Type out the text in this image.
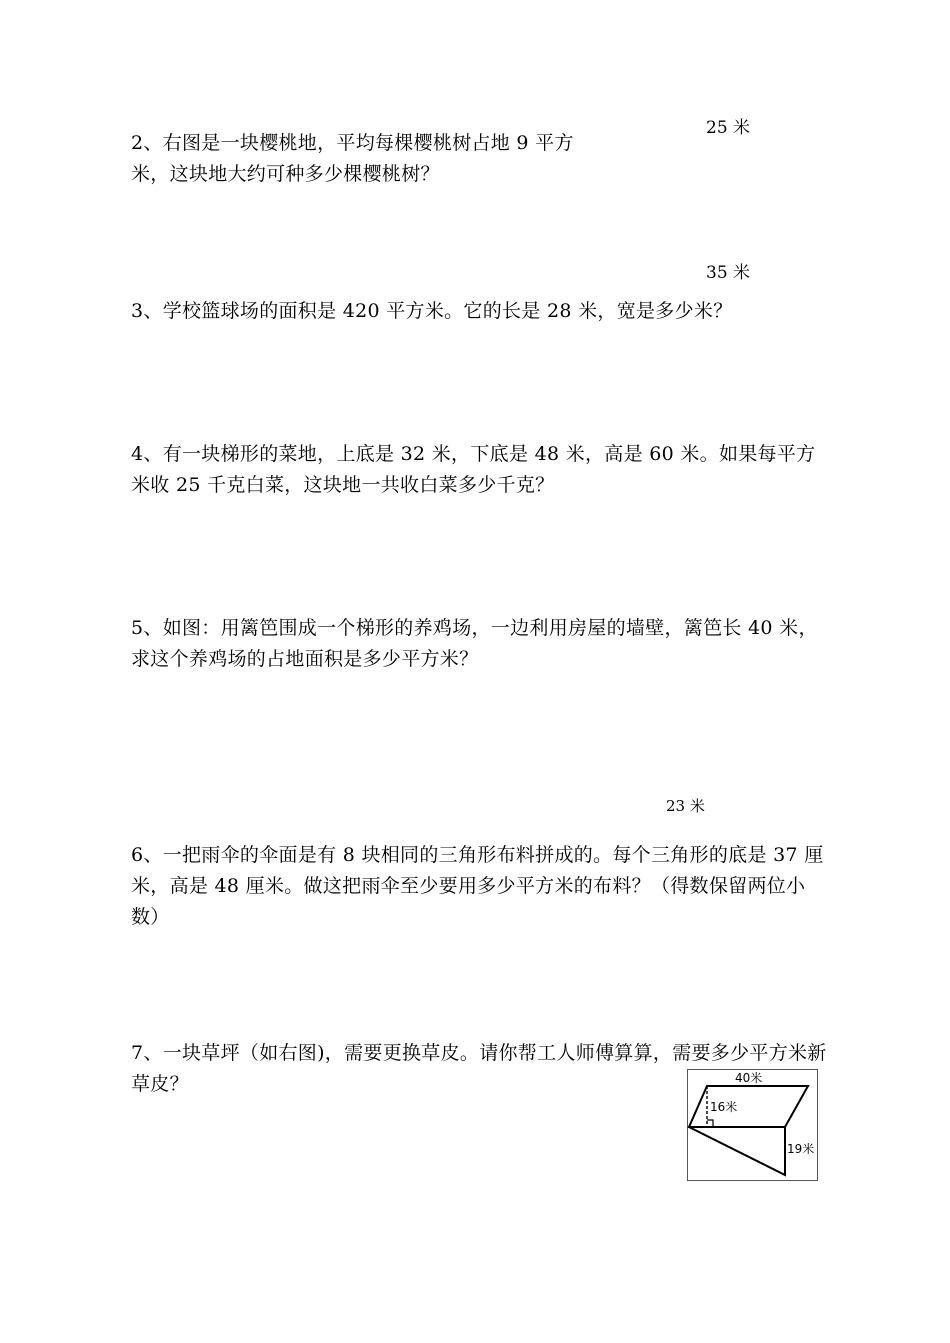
25 米
2、右图是一块樱桃地，平均每棵樱桃树占地 9 平方米，这块地大约可种多少棵樱桃树？
35 米
3、学校篮球场的面积是 420 平方米。它的长是 28 米，宽是多少米？
4、有一块梯形的菜地，上底是 32 米，下底是 48 米，高是 60 米。如果每平方米收 25 千克白菜，这块地一共收白菜多少千克？
5、如图：用篱笆围成一个梯形的养鸡场，一边利用房屋的墙壁，篱笆长 40 米，求这个养鸡场的占地面积是多少平方米？
23 米
6、一把雨伞的伞面是有 8 块相同的三角形布料拼成的。每个三角形的底是 37 厘米，高是 48 厘米。做这把雨伞至少要用多少平方米的布料？（得数保留两位小数）
7、一块草坪（如右图)，需要更换草皮。请你帮工人师傅算算，需要多少平方米新草皮？	40米
16米
19米
